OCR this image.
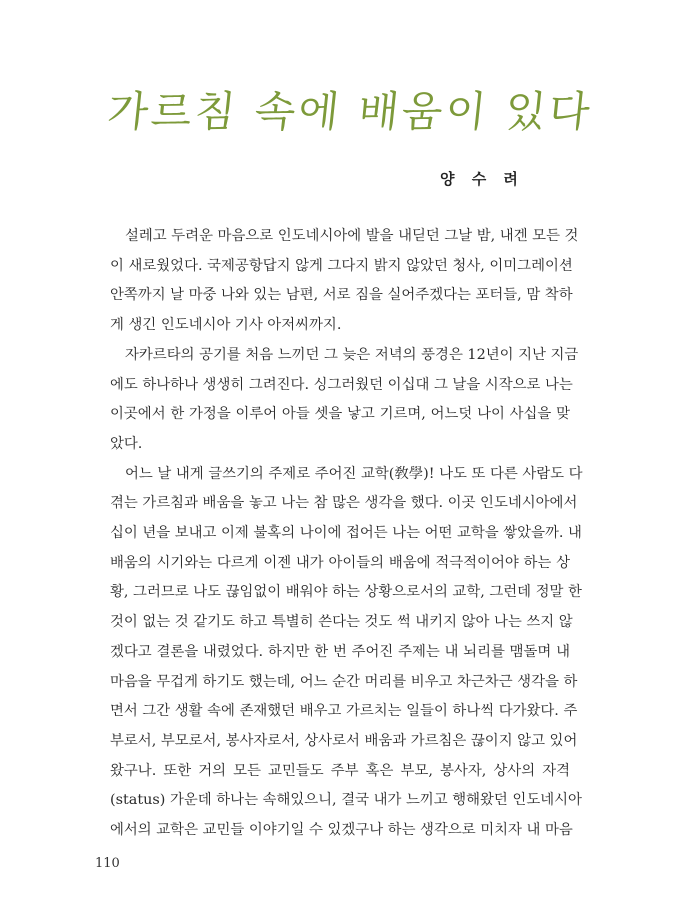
가르침 속에 배움이 있다

양 수 려

설레고 두려운 마음으로 인도네시아에 발을 내딛던 그날 밤, 내겐 모든 것
이 새로웠었다. 국제공항답지 않게 그다지 밝지 않았던 청사, 이미그레이션
안쪽까지 날 마중 나와 있는 남편, 서로 짐을 실어주겠다는 포터들, 맘 착하
게 생긴 인도네시아 기사 아저씨까지.
자카르타의 공기를 처음 느끼던 그 늦은 저녁의 풍경은 12년이 지난 지금
에도 하나하나 생생히 그려진다. 싱그러웠던 이십대 그 날을 시작으로 나는
이곳에서 한 가정을 이루어 아들 셋을 낳고 기르며, 어느덧 나이 사십을 맞
았다.
어느 날 내게 글쓰기의 주제로 주어진 교학(敎學)! 나도 또 다른 사람도 다
겪는 가르침과 배움을 놓고 나는 참 많은 생각을 했다. 이곳 인도네시아에서
십이 년을 보내고 이제 불혹의 나이에 접어든 나는 어떤 교학을 쌓았을까. 내
배움의 시기와는 다르게 이젠 내가 아이들의 배움에 적극적이어야 하는 상
황, 그러므로 나도 끊임없이 배워야 하는 상황으로서의 교학, 그런데 정말 한
것이 없는 것 같기도 하고 특별히 쓴다는 것도 썩 내키지 않아 나는 쓰지 않
겠다고 결론을 내렸었다. 하지만 한 번 주어진 주제는 내 뇌리를 맴돌며 내
마음을 무겁게 하기도 했는데, 어느 순간 머리를 비우고 차근차근 생각을 하
면서 그간 생활 속에 존재했던 배우고 가르치는 일들이 하나씩 다가왔다. 주
부로서, 부모로서, 봉사자로서, 상사로서 배움과 가르침은 끊이지 않고 있어
왔구나. 또한 거의 모든 교민들도 주부 혹은 부모, 봉사자, 상사의 자격
(status) 가운데 하나는 속해있으니, 결국 내가 느끼고 행해왔던 인도네시아
에서의 교학은 교민들 이야기일 수 있겠구나 하는 생각으로 미치자 내 마음

110
